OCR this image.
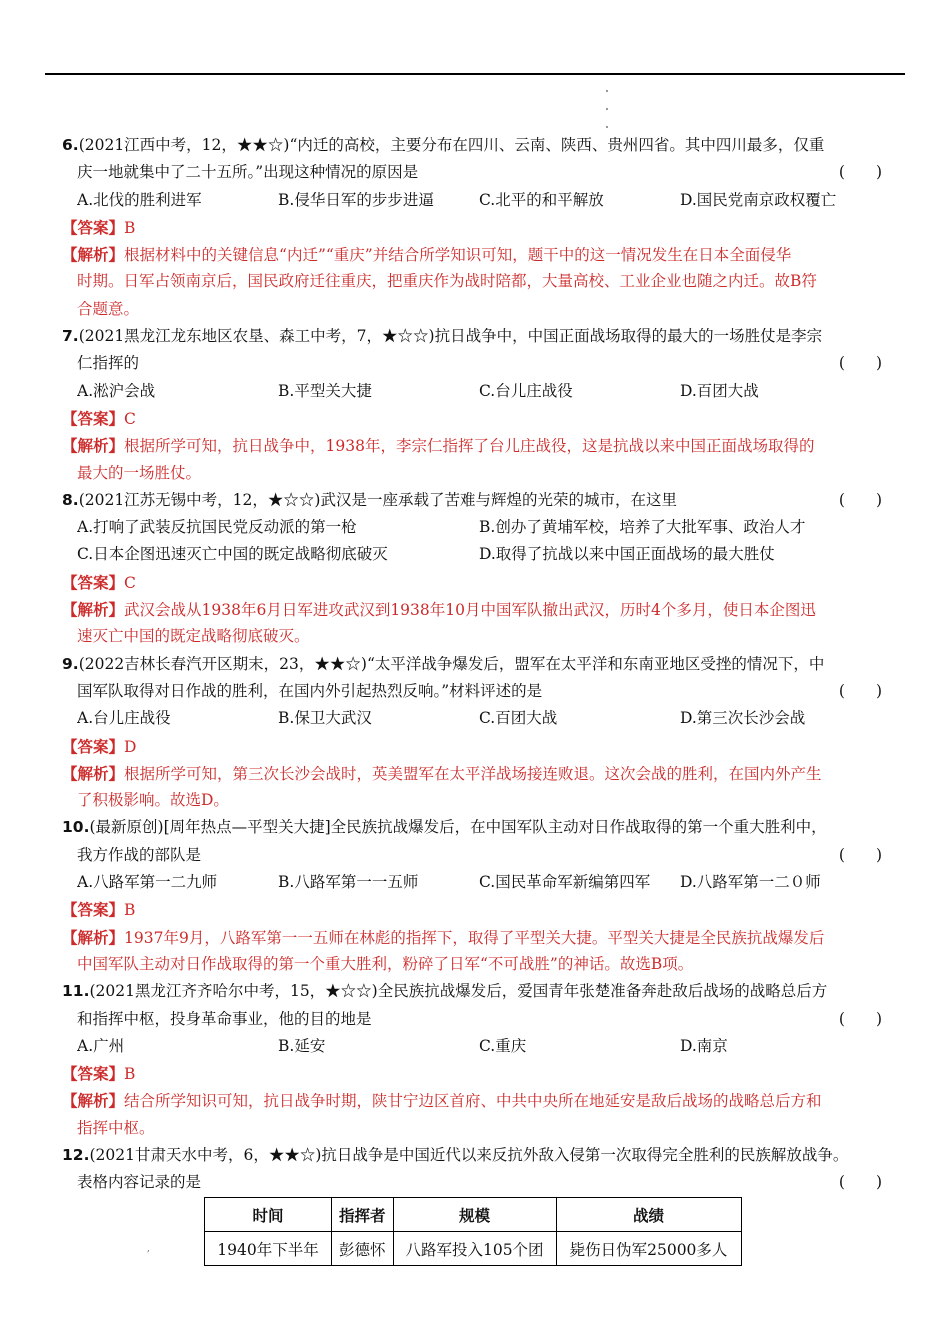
6.(2021江西中考，12，★★☆)“内迁的高校，主要分布在四川、云南、陕西、贵州四省。其中四川最多，仅重
庆一地就集中了二十五所。”出现这种情况的原因是	(　　)
A.北伐的胜利进军	B.侵华日军的步步进逼	C.北平的和平解放	D.国民党南京政权覆亡
【答案】B
【解析】根据材料中的关键信息“内迁”“重庆”并结合所学知识可知，题干中的这一情况发生在日本全面侵华
时期。日军占领南京后，国民政府迁往重庆，把重庆作为战时陪都，大量高校、工业企业也随之内迁。故B符
合题意。
7.(2021黑龙江龙东地区农垦、森工中考，7，★☆☆)抗日战争中，中国正面战场取得的最大的一场胜仗是李宗
仁指挥的	(　　)
A.淞沪会战	B.平型关大捷	C.台儿庄战役	D.百团大战
【答案】C
【解析】根据所学可知，抗日战争中，1938年，李宗仁指挥了台儿庄战役，这是抗战以来中国正面战场取得的
最大的一场胜仗。
8.(2021江苏无锡中考，12，★☆☆)武汉是一座承载了苦难与辉煌的光荣的城市，在这里	(　　)
A.打响了武装反抗国民党反动派的第一枪	B.创办了黄埔军校，培养了大批军事、政治人才
C.日本企图迅速灭亡中国的既定战略彻底破灭	D.取得了抗战以来中国正面战场的最大胜仗
【答案】C
【解析】武汉会战从1938年6月日军进攻武汉到1938年10月中国军队撤出武汉，历时4个多月，使日本企图迅
速灭亡中国的既定战略彻底破灭。
9.(2022吉林长春汽开区期末，23，★★☆)“太平洋战争爆发后，盟军在太平洋和东南亚地区受挫的情况下，中
国军队取得对日作战的胜利，在国内外引起热烈反响。”材料评述的是	(　　)
A.台儿庄战役	B.保卫大武汉	C.百团大战	D.第三次长沙会战
【答案】D
【解析】根据所学可知，第三次长沙会战时，英美盟军在太平洋战场接连败退。这次会战的胜利，在国内外产生
了积极影响。故选D。
10.(最新原创)[周年热点—平型关大捷]全民族抗战爆发后，在中国军队主动对日作战取得的第一个重大胜利中，
我方作战的部队是	(　　)
A.八路军第一二九师	B.八路军第一一五师	C.国民革命军新编第四军	D.八路军第一二０师
【答案】B
【解析】1937年9月，八路军第一一五师在林彪的指挥下，取得了平型关大捷。平型关大捷是全民族抗战爆发后
中国军队主动对日作战取得的第一个重大胜利，粉碎了日军“不可战胜”的神话。故选B项。
11.(2021黑龙江齐齐哈尔中考，15，★☆☆)全民族抗战爆发后，爱国青年张楚准备奔赴敌后战场的战略总后方
和指挥中枢，投身革命事业，他的目的地是	(　　)
A.广州	B.延安	C.重庆	D.南京
【答案】B
【解析】结合所学知识可知，抗日战争时期，陕甘宁边区首府、中共中央所在地延安是敌后战场的战略总后方和
指挥中枢。
12.(2021甘肃天水中考，6，★★☆)抗日战争是中国近代以来反抗外敌入侵第一次取得完全胜利的民族解放战争。
表格内容记录的是	(　　)
时间	指挥者	规模	战绩
1940年下半年	彭德怀	八路军投入105个团	毙伤日伪军25000多人
,
